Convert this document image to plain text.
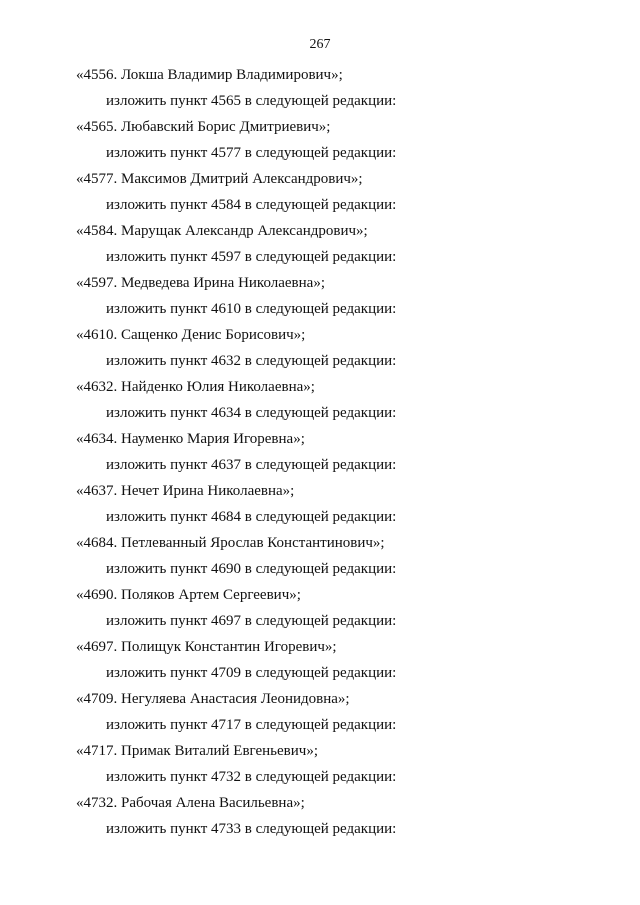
267
«4556. Локша Владимир Владимирович»;
изложить пункт 4565 в следующей редакции:
«4565. Любавский Борис Дмитриевич»;
изложить пункт 4577 в следующей редакции:
«4577. Максимов Дмитрий Александрович»;
изложить пункт 4584 в следующей редакции:
«4584. Марущак Александр Александрович»;
изложить пункт 4597 в следующей редакции:
«4597. Медведева Ирина Николаевна»;
изложить пункт 4610 в следующей редакции:
«4610. Сащенко Денис Борисович»;
изложить пункт 4632 в следующей редакции:
«4632. Найденко Юлия Николаевна»;
изложить пункт 4634 в следующей редакции:
«4634. Науменко Мария Игоревна»;
изложить пункт 4637 в следующей редакции:
«4637. Нечет Ирина Николаевна»;
изложить пункт 4684 в следующей редакции:
«4684. Петлеванный Ярослав Константинович»;
изложить пункт 4690 в следующей редакции:
«4690. Поляков Артем Сергеевич»;
изложить пункт 4697 в следующей редакции:
«4697. Полищук Константин Игоревич»;
изложить пункт 4709 в следующей редакции:
«4709. Негуляева Анастасия Леонидовна»;
изложить пункт 4717 в следующей редакции:
«4717. Примак Виталий Евгеньевич»;
изложить пункт 4732 в следующей редакции:
«4732. Рабочая Алена Васильевна»;
изложить пункт 4733 в следующей редакции:
